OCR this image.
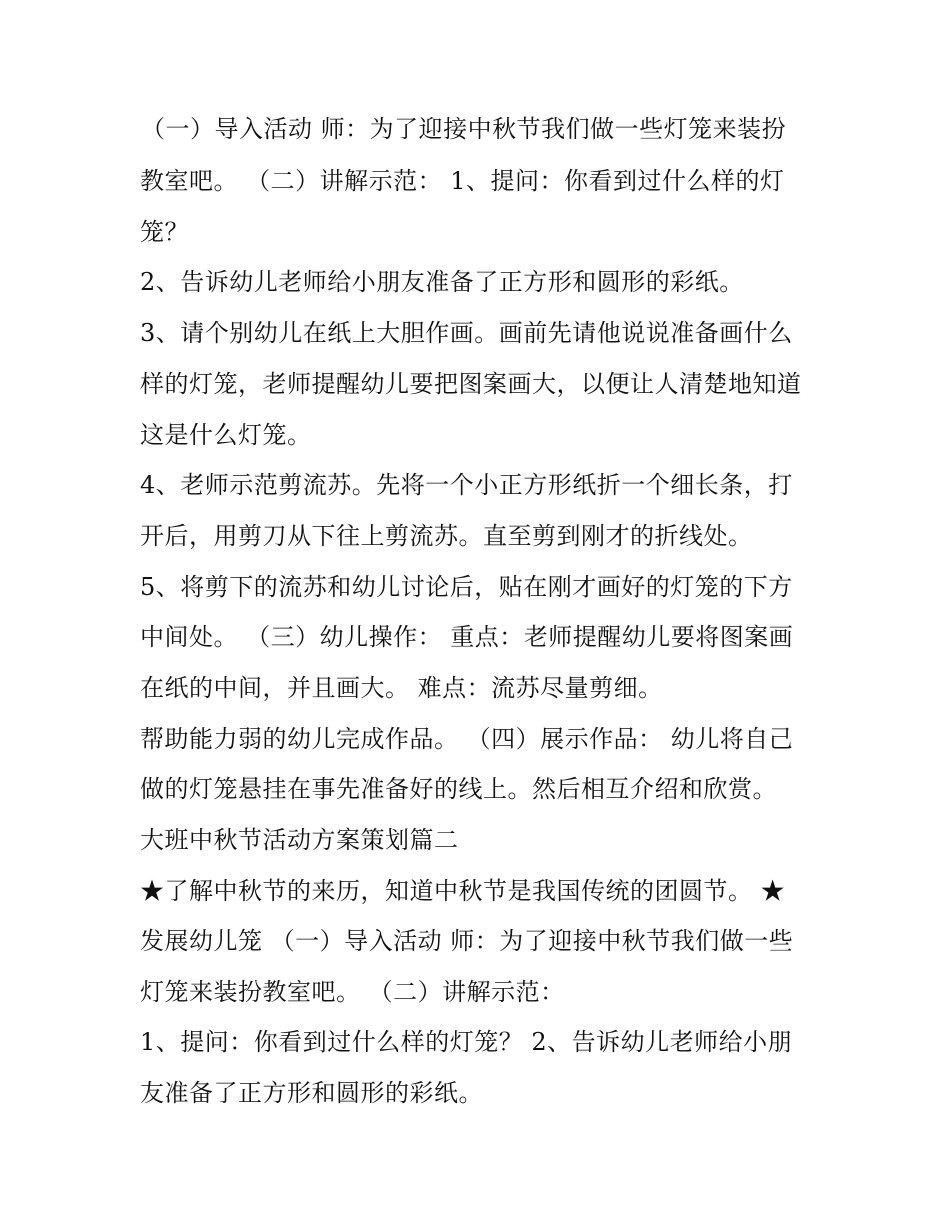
（一）导入活动 师：为了迎接中秋节我们做一些灯笼来装扮
教室吧。 （二）讲解示范： 1、提问：你看到过什么样的灯
笼？
2、告诉幼儿老师给小朋友准备了正方形和圆形的彩纸。
3、请个别幼儿在纸上大胆作画。画前先请他说说准备画什么
样的灯笼，老师提醒幼儿要把图案画大，以便让人清楚地知道
这是什么灯笼。
4、老师示范剪流苏。先将一个小正方形纸折一个细长条，打
开后，用剪刀从下往上剪流苏。直至剪到刚才的折线处。
5、将剪下的流苏和幼儿讨论后，贴在刚才画好的灯笼的下方
中间处。 （三）幼儿操作： 重点：老师提醒幼儿要将图案画
在纸的中间，并且画大。 难点：流苏尽量剪细。
帮助能力弱的幼儿完成作品。 （四）展示作品： 幼儿将自己
做的灯笼悬挂在事先准备好的线上。然后相互介绍和欣赏。
大班中秋节活动方案策划篇二
★了解中秋节的来历，知道中秋节是我国传统的团圆节。 ★
发展幼儿笼 （一）导入活动 师：为了迎接中秋节我们做一些
灯笼来装扮教室吧。 （二）讲解示范：
1、提问：你看到过什么样的灯笼？ 2、告诉幼儿老师给小朋
友准备了正方形和圆形的彩纸。
